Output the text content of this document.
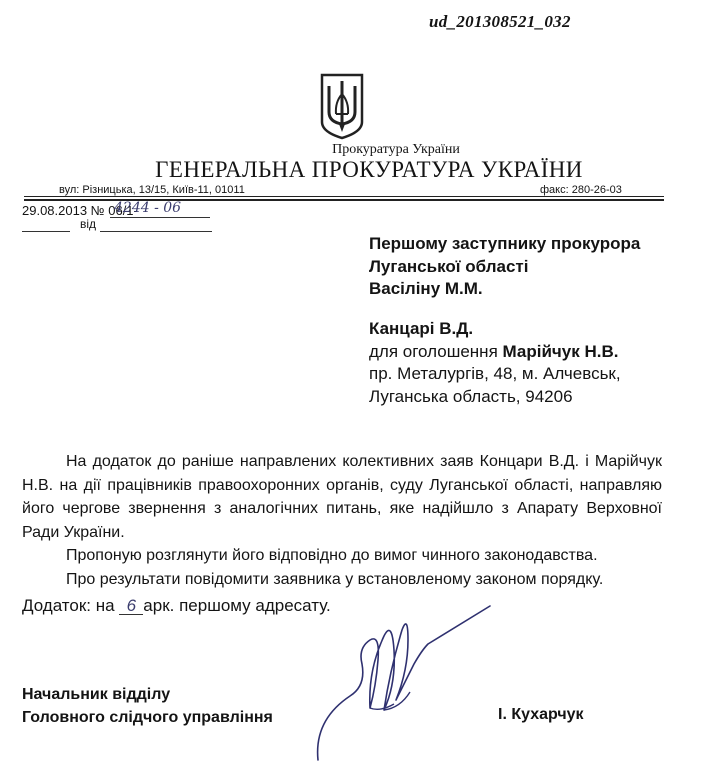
ud_201308521_032
Прокуратура України
ГЕНЕРАЛЬНА ПРОКУРАТУРА УКРАЇНИ
вул: Різницька, 13/15, Київ-11, 01011	факс: 280-26-03
29.08.2013 № 06/1-
4244 - 06
від
Першому заступнику прокурора
Луганської області
Васіліну М.М.
Канцарі В.Д.
для оголошення Марійчук Н.В.
пр. Металургів, 48, м. Алчевськ,
Луганська область, 94206

На додаток до раніше направлених колективних заяв Концари В.Д. і Марійчук Н.В. на дії працівників правоохоронних органів, суду Луганської області, направляю його чергове звернення з аналогічних питань, яке надійшло з Апарату Верховної Ради України.

Пропоную розглянути його відповідно до вимог чинного законодавства.

Про результати повідомити заявника у встановленому законом порядку.

Додаток: на 6 арк. першому адресату.
Начальник відділу
Головного слідчого управління	І. Кухарчук
